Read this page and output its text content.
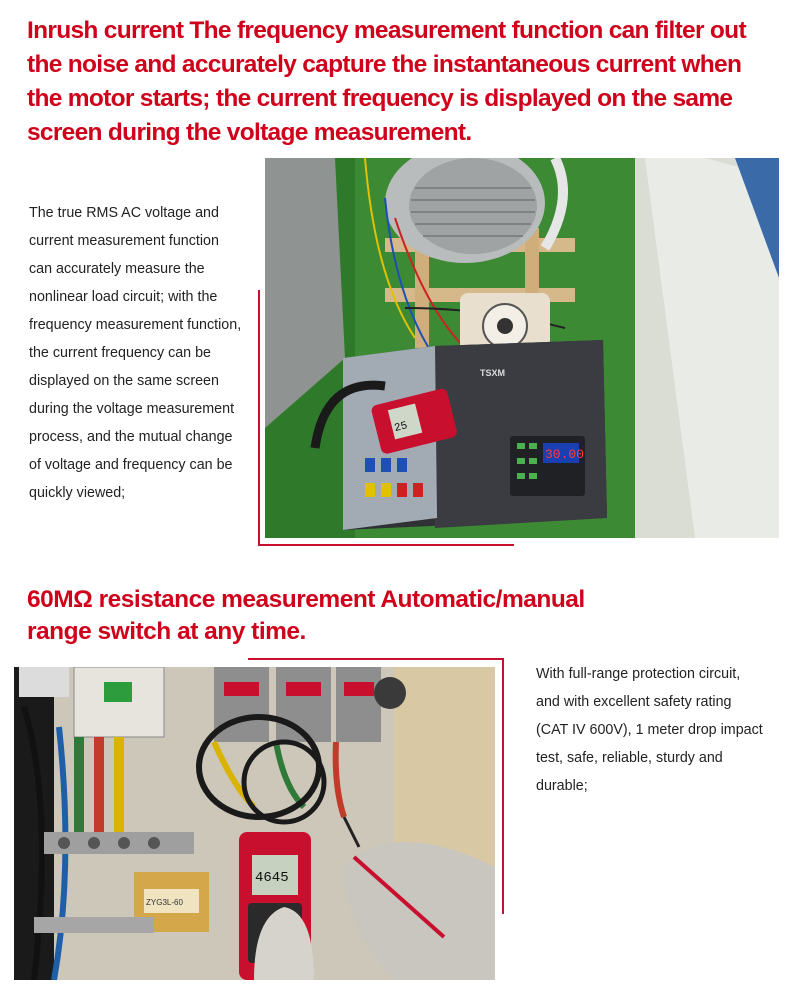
Inrush current The frequency measurement function can filter out the noise and accurately capture the instantaneous current when the motor starts; the current frequency is displayed on the same screen during the voltage measurement.

The true RMS AC voltage and current measurement function can accurately measure the nonlinear load circuit; with the frequency measurement function, the current frequency can be displayed on the same screen during the voltage measurement process, and the mutual change of voltage and frequency can be quickly viewed;

30.00
TSXM
25
60MΩ resistance measurement Automatic/manual range switch at any time.
ZYG3L-60
4645

With full-range protection circuit, and with excellent safety rating (CAT IV 600V), 1 meter drop impact test, safe, reliable, sturdy and durable;
